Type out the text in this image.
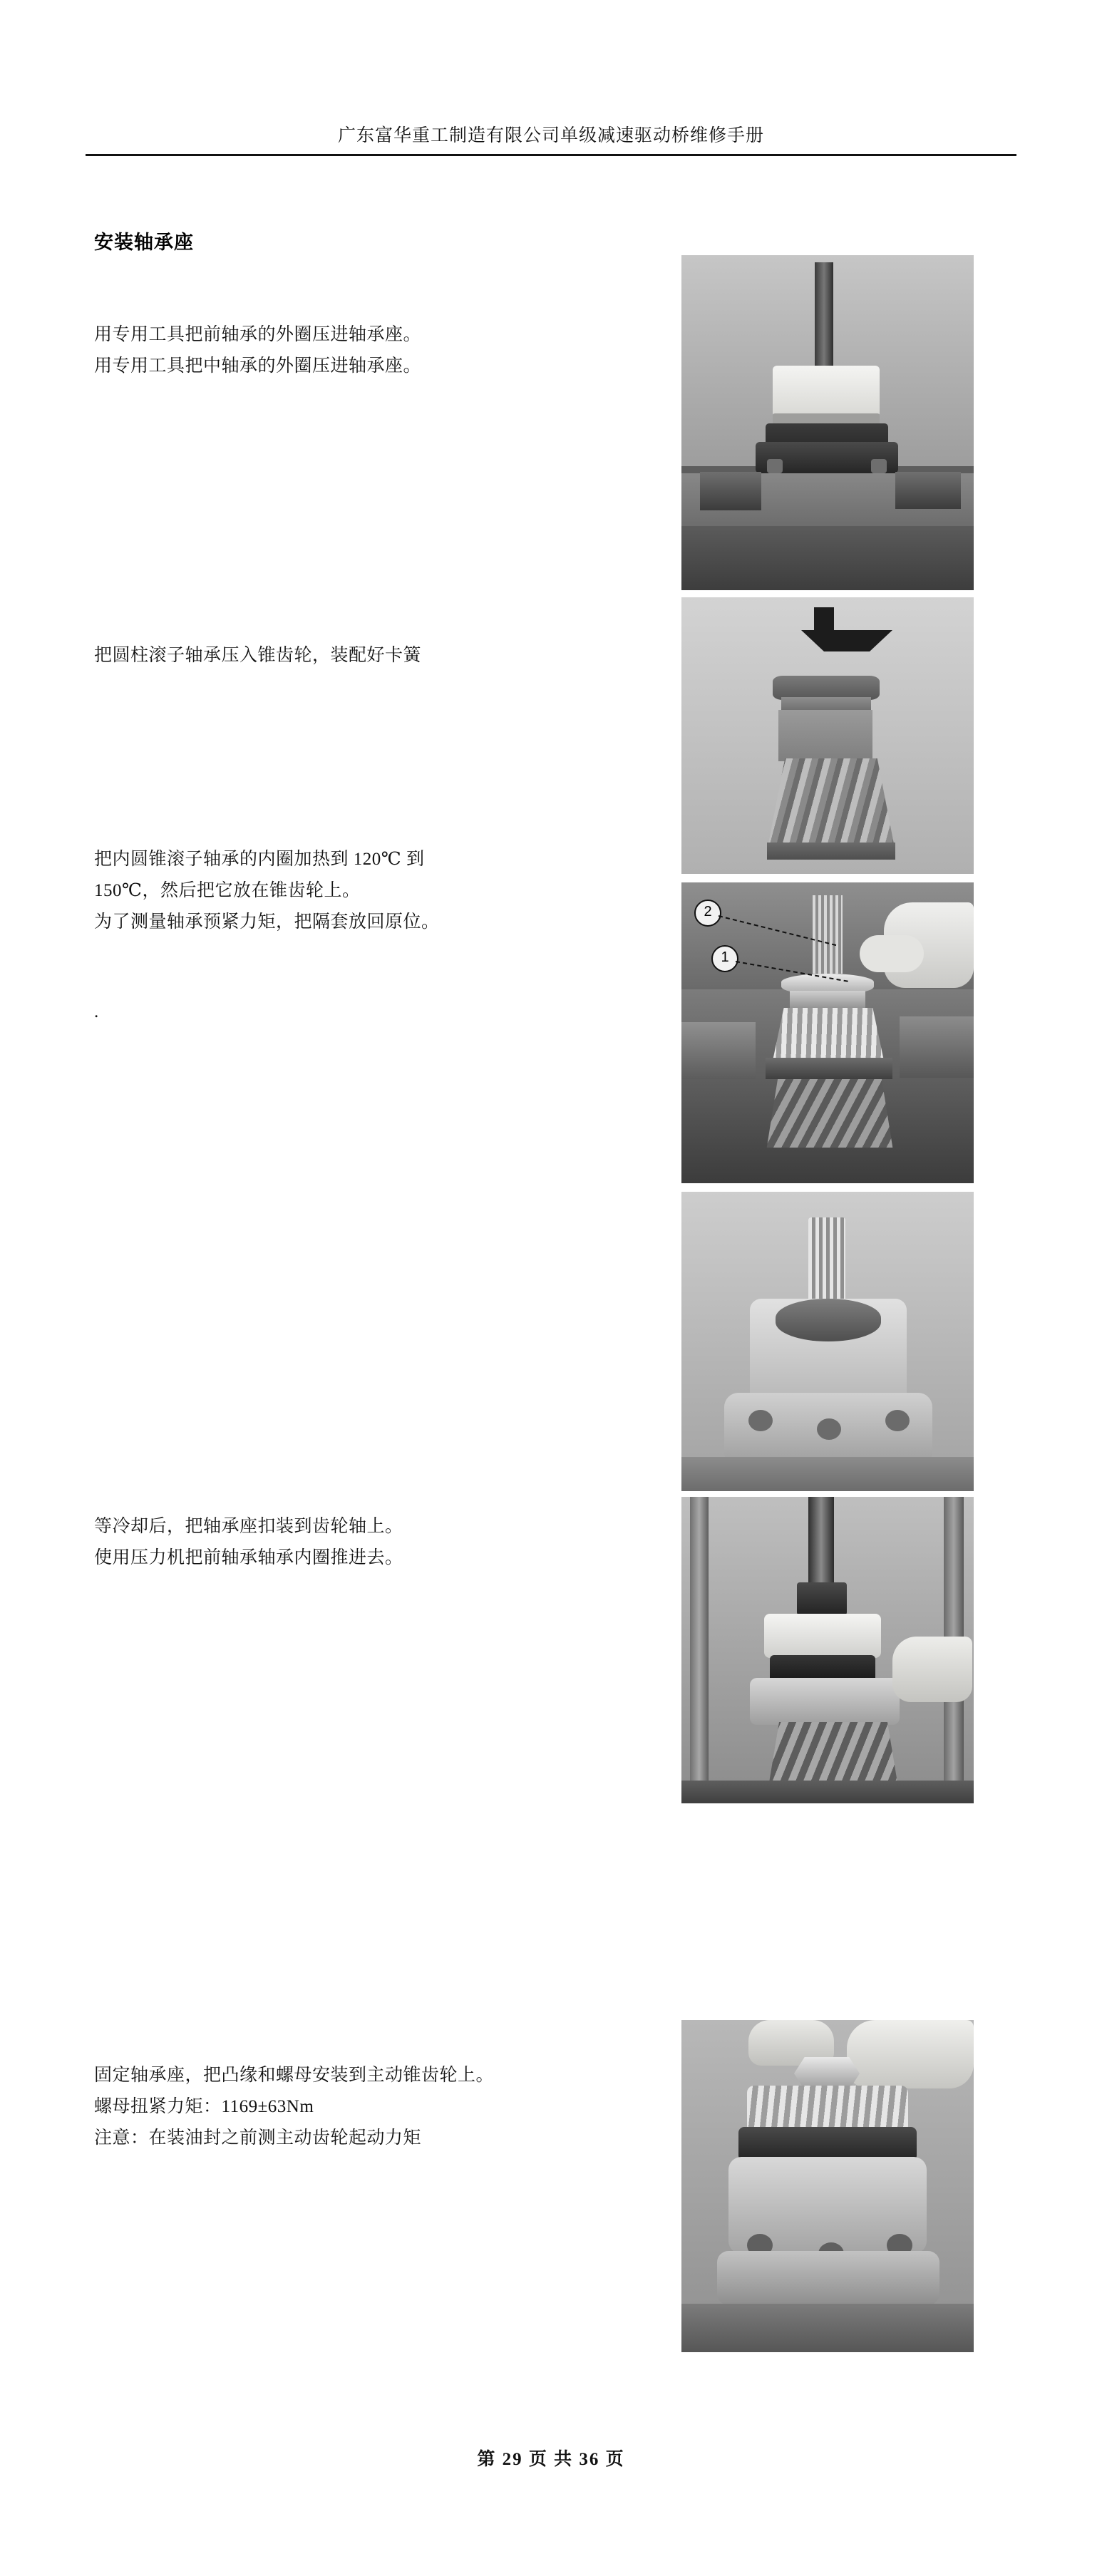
广东富华重工制造有限公司单级减速驱动桥维修手册
安装轴承座
用专用工具把前轴承的外圈压进轴承座。
用专用工具把中轴承的外圈压进轴承座。
把圆柱滚子轴承压入锥齿轮，装配好卡簧
把内圆锥滚子轴承的内圈加热到 120℃ 到
150℃，然后把它放在锥齿轮上。
为了测量轴承预紧力矩，把隔套放回原位。
.
等冷却后，把轴承座扣装到齿轮轴上。
使用压力机把前轴承轴承内圈推进去。
固定轴承座，把凸缘和螺母安装到主动锥齿轮上。
螺母扭紧力矩：1169±63Nm
注意：在装油封之前测主动齿轮起动力矩
2
1
第 29 页 共 36 页
